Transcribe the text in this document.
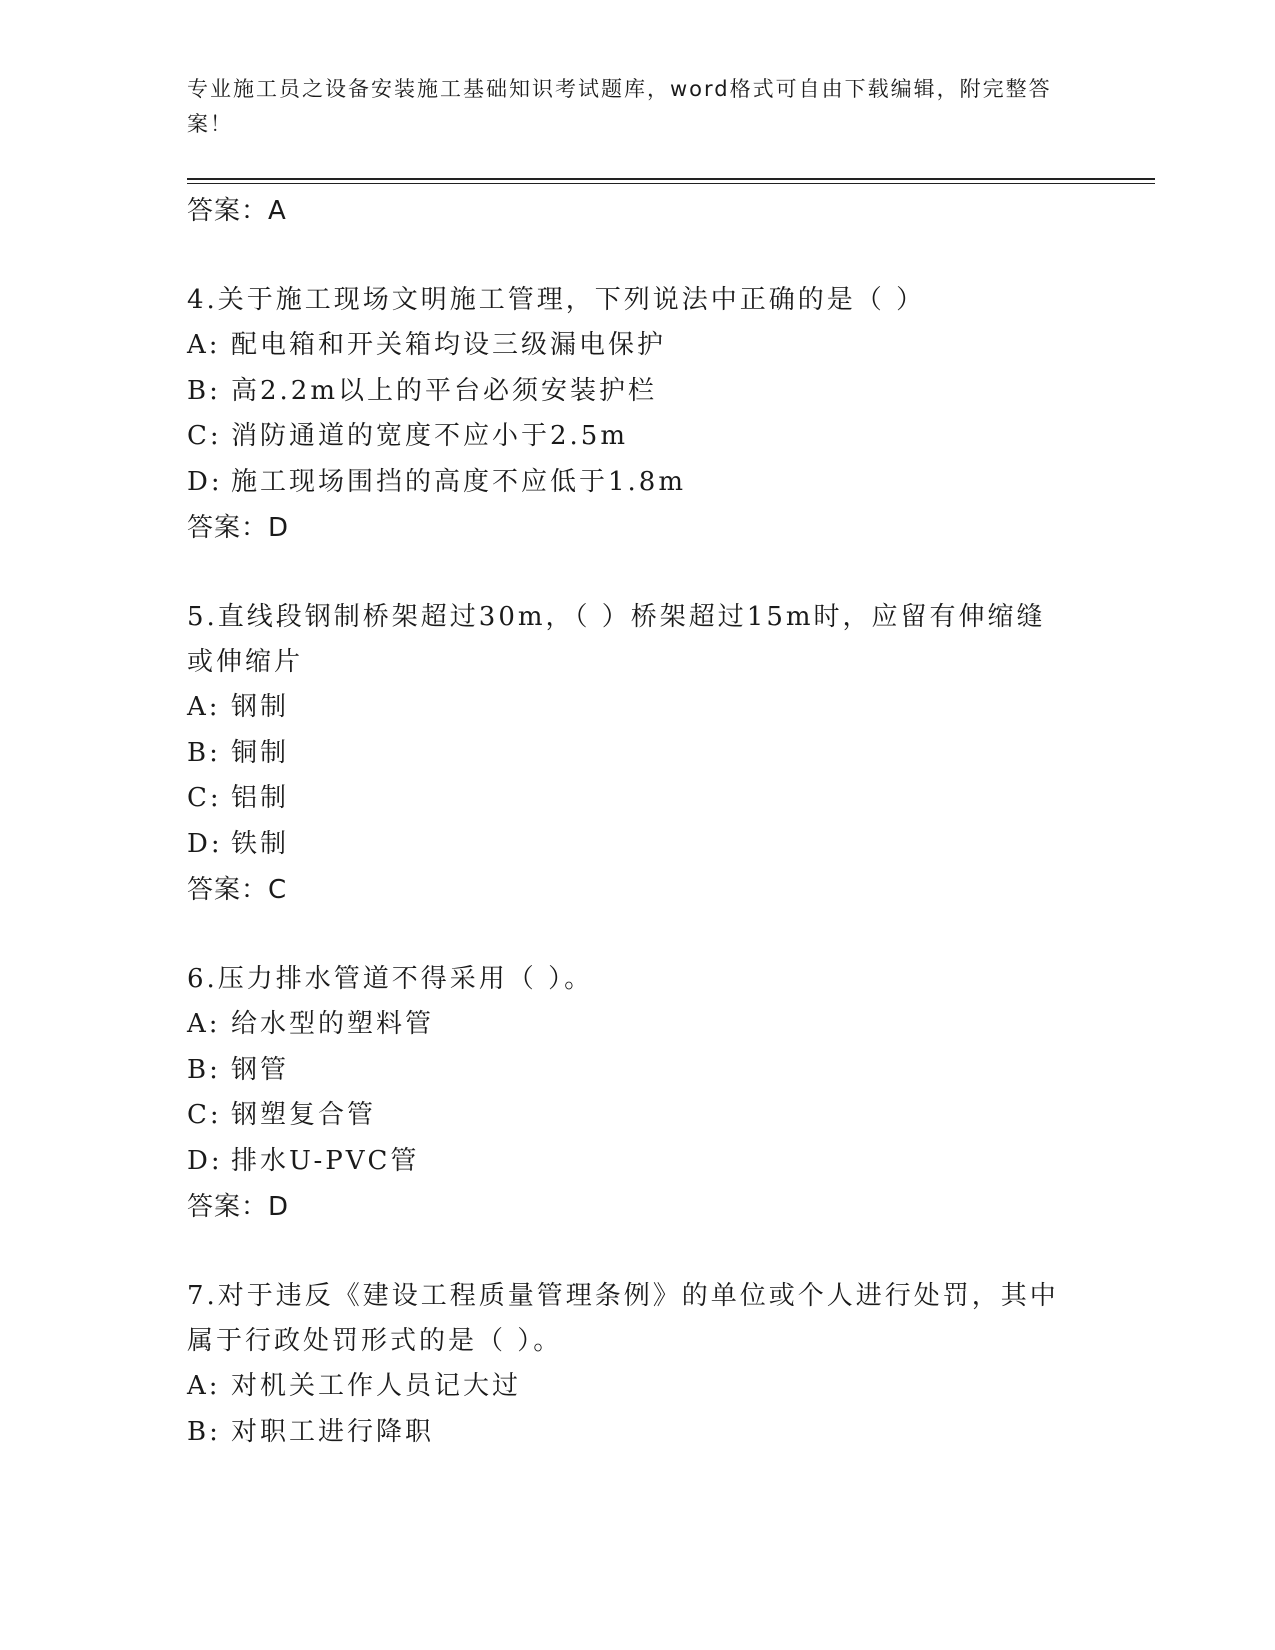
专业施工员之设备安装施工基础知识考试题库，word格式可自由下载编辑，附完整答案！

答案：A

4.关于施工现场文明施工管理，下列说法中正确的是（ ）

A: 配电箱和开关箱均设三级漏电保护

B: 高2.2m以上的平台必须安装护栏

C: 消防通道的宽度不应小于2.5m

D: 施工现场围挡的高度不应低于1.8m

答案：D

5.直线段钢制桥架超过30m，（ ）桥架超过15m时，应留有伸缩缝或伸缩片

A: 钢制

B: 铜制

C: 铝制

D: 铁制

答案：C

6.压力排水管道不得采用（ ）。

A: 给水型的塑料管

B: 钢管

C: 钢塑复合管

D: 排水U-PVC管

答案：D

7.对于违反《建设工程质量管理条例》的单位或个人进行处罚，其中属于行政处罚形式的是（ ）。

A: 对机关工作人员记大过

B: 对职工进行降职
